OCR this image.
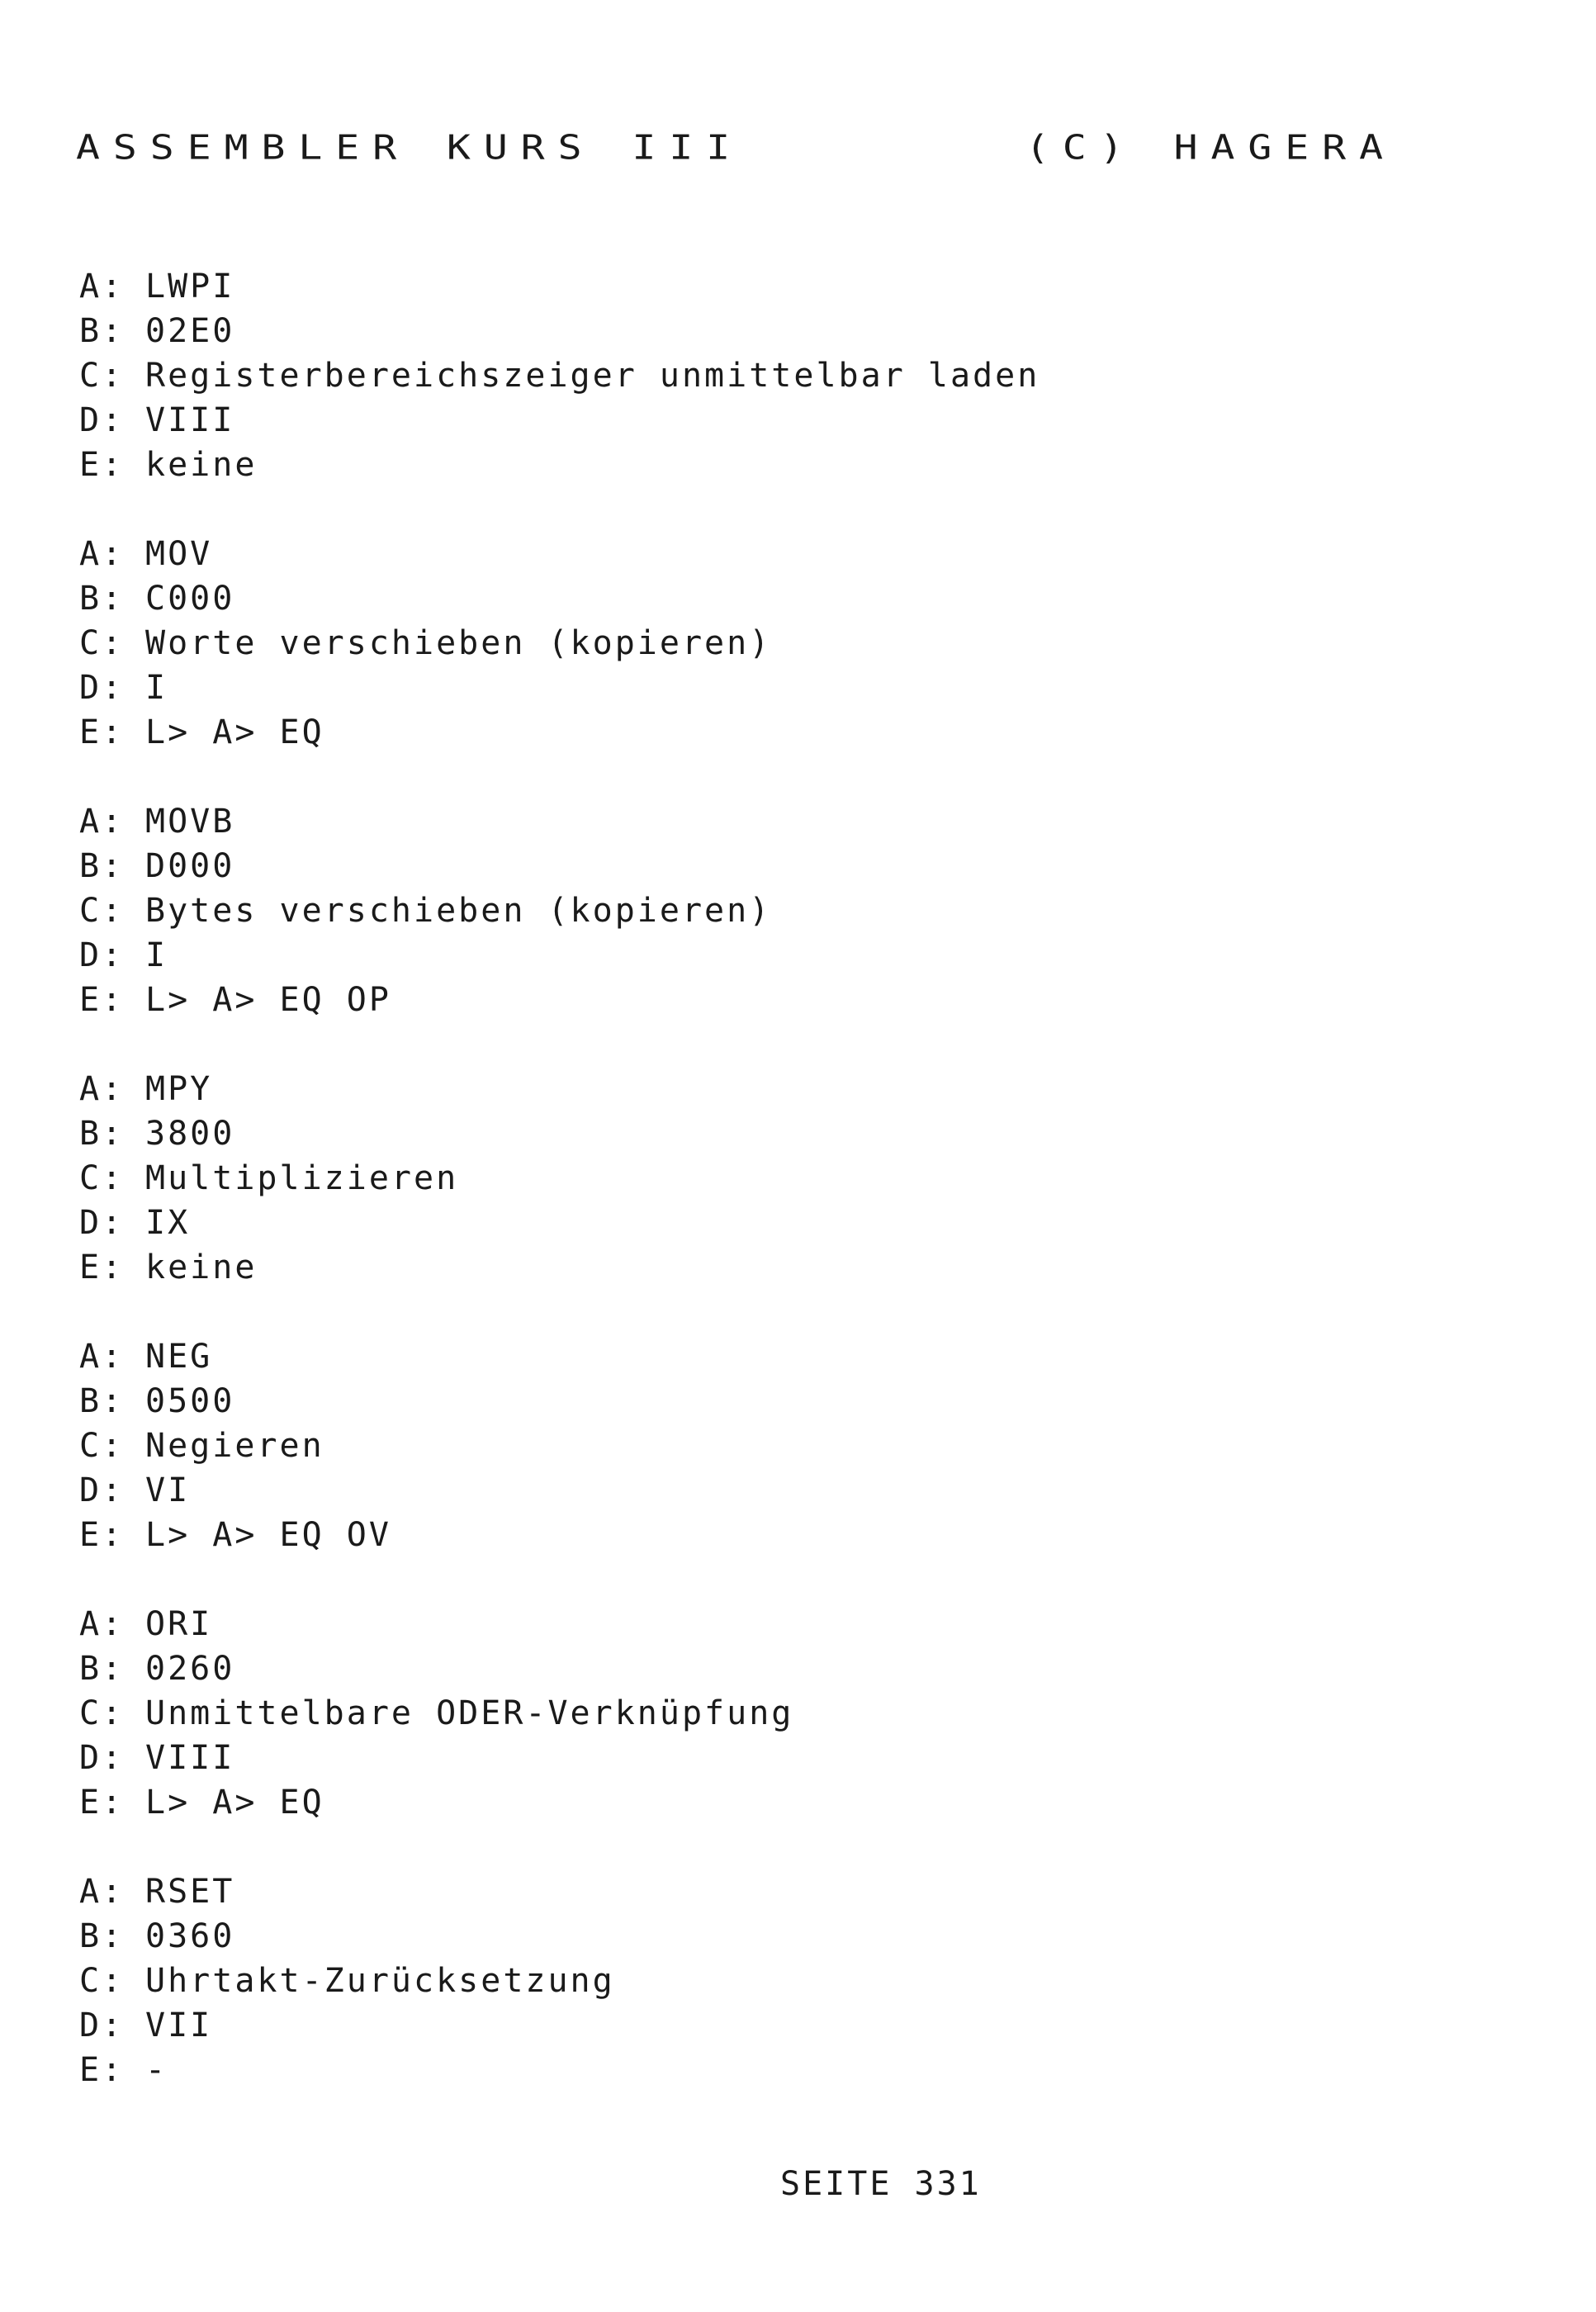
ASSEMBLER KURS III	(C) HAGERA
A: LWPI
B: 02E0
C: Registerbereichszeiger unmittelbar laden
D: VIII
E: keine
A: MOV
B: C000
C: Worte verschieben (kopieren)
D: I
E: L> A> EQ
A: MOVB
B: D000
C: Bytes verschieben (kopieren)
D: I
E: L> A> EQ OP
A: MPY
B: 3800
C: Multiplizieren
D: IX
E: keine
A: NEG
B: 0500
C: Negieren
D: VI
E: L> A> EQ OV
A: ORI
B: 0260
C: Unmittelbare ODER-Verknüpfung
D: VIII
E: L> A> EQ
A: RSET
B: 0360
C: Uhrtakt-Zurücksetzung
D: VII
E: -
SEITE 331
